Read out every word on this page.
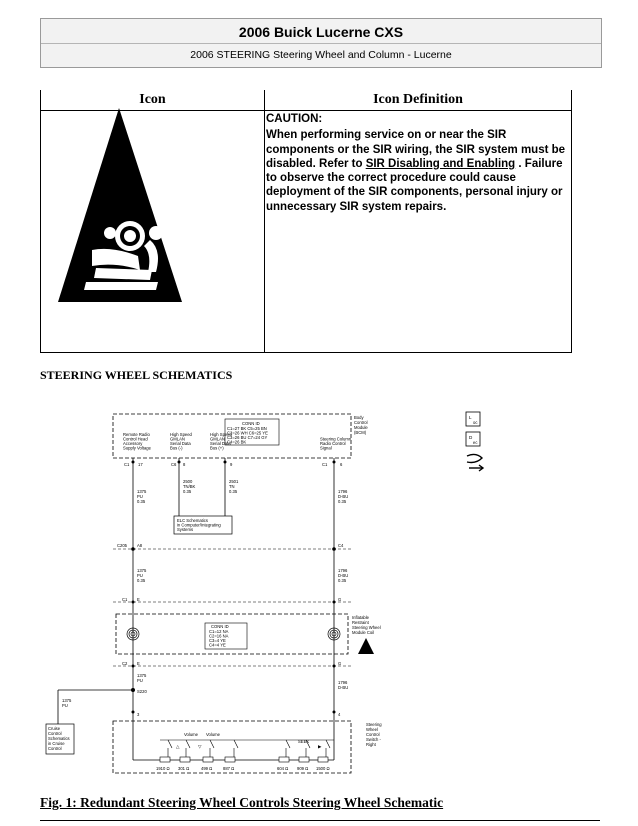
2006 Buick Lucerne CXS
2006 STEERING Steering Wheel and Column - Lucerne
Icon	Icon Definition
CAUTION:
When performing service on or near the SIR components or the SIR wiring, the SIR system must be disabled. Refer to SIR Disabling and Enabling . Failure to observe the correct procedure could cause deployment of the SIR components, personal injury or unnecessary SIR system repairs.
STEERING WHEEL SCHEMATICS
Body
Control
Module
(BCM)
CONN ID
C1=27 BK C5=25 BN
C2=26 WH C6=25 YE
C3=26 BU C7=24 GY
C4=26 BK
Remote Radio
Control Head
Accessory
Supply Voltage
High Speed
GMLAN
Serial Data
Bus (-)
High Speed
GMLAN
Serial Data
Bus (+)
Steering Column
Radio Control
Signal
C1 17	C6 8	9	C1	6
1375
PU
0.35
2500
TN/BK
0.35
2501
TN
0.35	1796
D-BU
0.35
ELC Schematics
in Computer/Integrating
Systems
C205 A8	C4
1375
PU
0.35
1796
D-BU
0.35
C1 E	G
CONN ID
C1=12 NA
C2=16 NA
C3=4 YE
C4=4 YE
Inflatable
Restraint
Steering Wheel
Module Coil
C2 E	G
1375
PU	1796
D-BU
S220
1375
PU
Cruise
Control
Schematics
in Cruise
Control
3	4
Steering
Wheel
Control
Switch -
Right
Volume Volume
SEEK
△	▽	▶
1910 Ω 301 Ω	499 Ω	887 Ω	604 Ω 909 Ω 1500 Ω
L
oc
D
ec
Fig. 1: Redundant Steering Wheel Controls Steering Wheel Schematic
